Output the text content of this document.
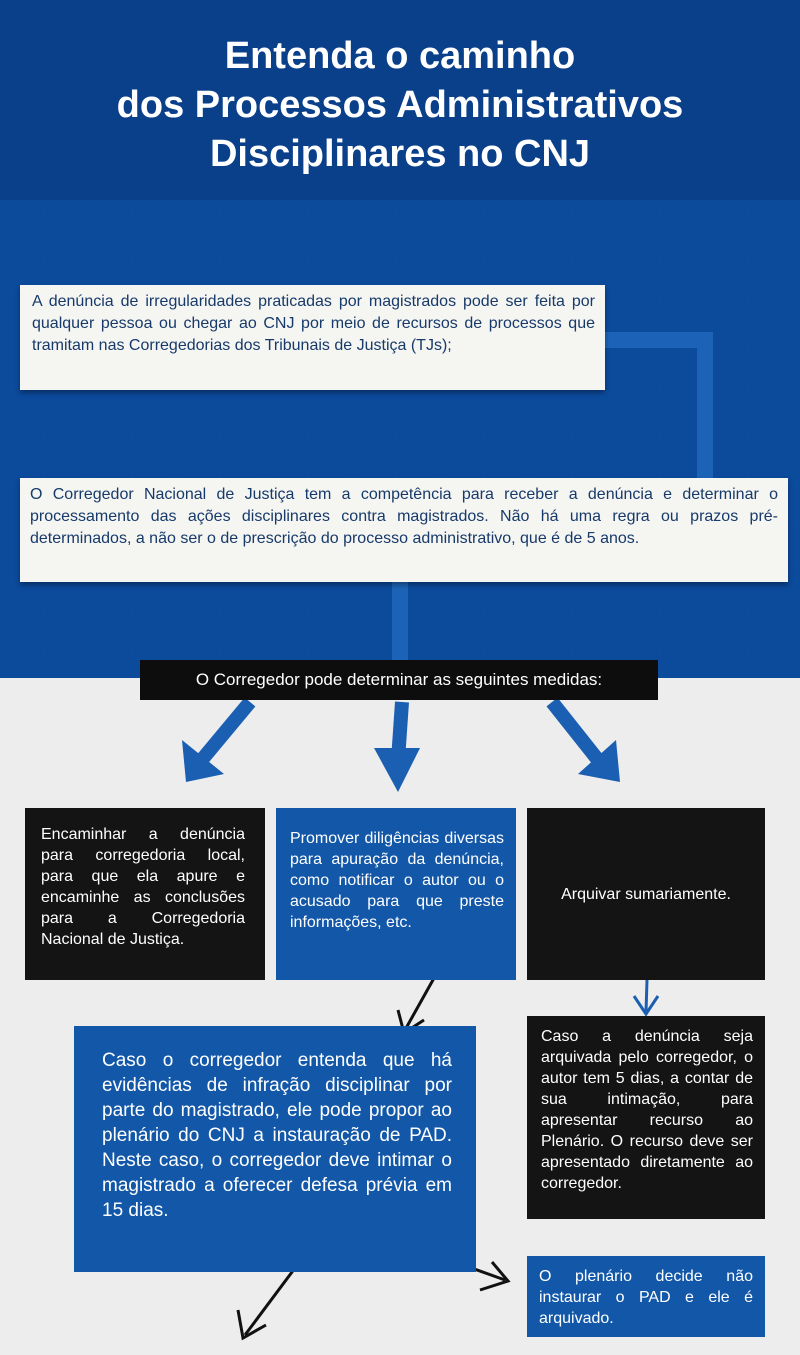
Entenda o caminho
dos Processos Administrativos
Disciplinares no CNJ
A denúncia de irregularidades praticadas por magistrados pode ser feita por qualquer pessoa ou chegar ao CNJ por meio de recursos de processos que tramitam nas Corregedorias dos Tribunais de Justiça (TJs);
O Corregedor Nacional de Justiça tem a competência para receber a denúncia e determinar o processamento das ações disciplinares contra magistrados. Não há uma regra ou prazos pré-determinados, a não ser o de prescrição do processo administrativo, que é de 5 anos.
O Corregedor pode determinar as seguintes medidas:
Encaminhar a denúncia para corregedoria local, para que ela apure e encaminhe as conclusões para a Corregedoria Nacional de Justiça.
Promover diligências diversas para apuração da denúncia, como notificar o autor ou o acusado para que preste informações, etc.
Arquivar sumariamente.
Caso o corregedor entenda que há evidências de infração disciplinar por parte do magistrado, ele pode propor ao plenário do CNJ a instauração de PAD. Neste caso, o corregedor deve intimar o magistrado a oferecer defesa prévia em 15 dias.
Caso a denúncia seja arquivada pelo corregedor, o autor tem 5 dias, a contar de sua intimação, para apresentar recurso ao Plenário. O recurso deve ser apresentado diretamente ao corregedor.
O plenário decide não instaurar o PAD e ele é arquivado.
